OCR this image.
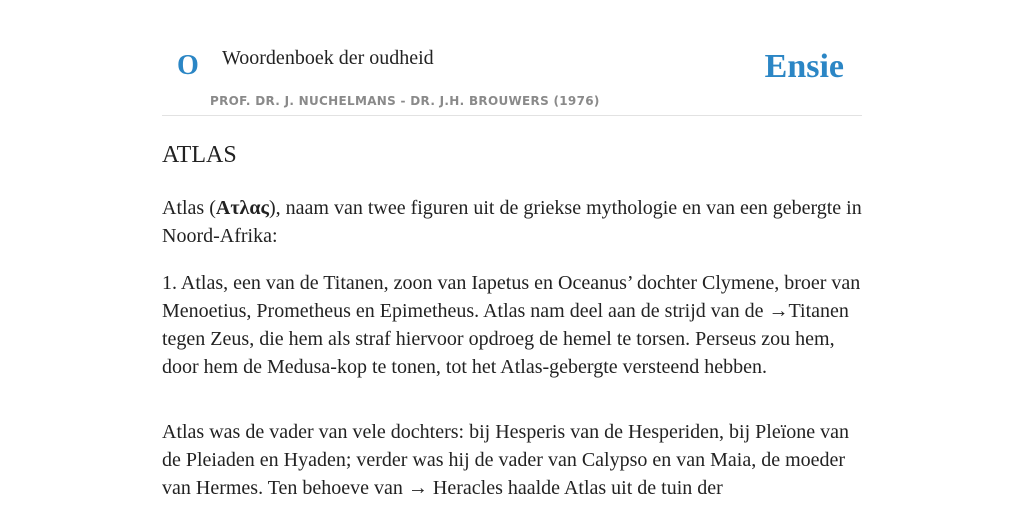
O Woordenboek der oudheid
PROF. DR. J. NUCHELMANS - DR. J.H. BROUWERS (1976)
Ensie
ATLAS

Atlas (Ατλας), naam van twee figuren uit de griekse mythologie en van een gebergte in Noord-Afrika:

1. Atlas, een van de Titanen, zoon van Iapetus en Oceanus’ dochter Clymene, broer van Menoetius, Prometheus en Epimetheus. Atlas nam deel aan de strijd van de →Titanen tegen Zeus, die hem als straf hiervoor opdroeg de hemel te torsen. Perseus zou hem, door hem de Medusa-kop te tonen, tot het Atlas-gebergte versteend hebben.

Atlas was de vader van vele dochters: bij Hesperis van de Hesperiden, bij Pleïone van de Pleiaden en Hyaden; verder was hij de vader van Calypso en van Maia, de moeder van Hermes. Ten behoeve van → Heracles haalde Atlas uit de tuin der
